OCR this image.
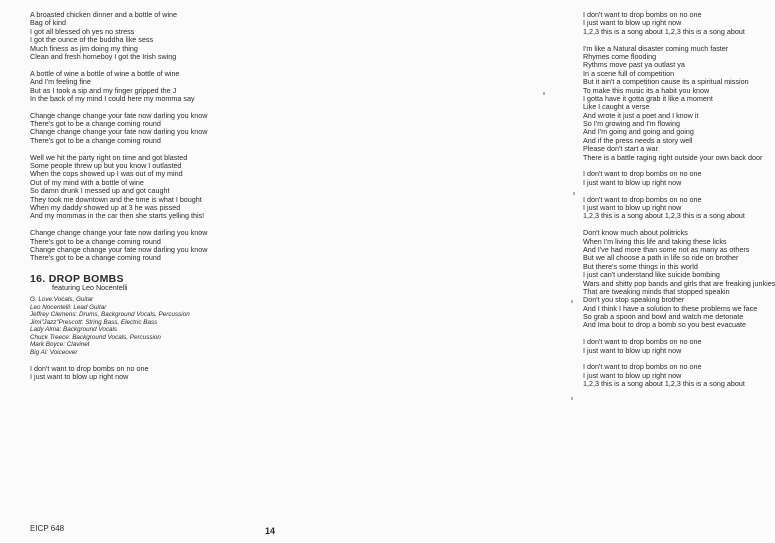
A broasted chicken dinner and a bottle of wine
Bag of kind
I got all blessed oh yes no stress
I got the ounce of the buddha like sess
Much finess as jim doing my thing
Clean and fresh homeboy I got the Irish swing
A bottle of wine a bottle of wine a bottle of wine
And I'm feeling fine
But as I took a sip and my finger gripped the J
In the back of my mind I could here my momma say
Change change change your fate now darling you know
There's got to be a change coming round
Change change change your fate now darling you know
There's got to be a change coming round
Well we hit the party right on time and got blasted
Some people threw up but you know I outlasted
When the cops showed up I was out of my mind
Out of my mind with a bottle of wine
So damn drunk I messed up and got caught
They took me downtown and the time is what I bought
When my daddy showed up at 3 he was pissed
And my mommas in the car then she starts yelling this!
Change change change your fate now darling you know
There's got to be a change coming round
Change change change your fate now darling you know
There's got to be a change coming round
16. DROP BOMBS
featuring Leo Nocentelli
G. Love:Vocals, Guitar
Leo Nocentelli: Lead Guitar
Jeffrey Clemens: Drums, Background Vocals, Percussion
Jimi"Jazz"Prescott: String Bass, Electric Bass
Lady Alma: Background Vocals
Chuck Treece: Background Vocals, Percussion
Mark Boyce: Clavinet
Big Al: Voiceover
I don't want to drop bombs on no one
I just want to blow up right now
EICP 648
I don't want to drop bombs on no one
I just want to blow up right now
1,2,3 this is a song about 1,2,3 this is a song about
I'm like a Natural disaster coming much faster
Rhymes come flooding
Rythms move past ya outlast ya
In a scene full of competition
But it ain't a competition cause its a spiritual mission
To make this music its a habit you know
I gotta have it gotta grab it like a moment
Like I caught a verse
And wrote it just a poet and I know it
So I'm growing and I'm flowing
And I'm going and going and going
And if the press needs a story well
Please don't start a war
There is a battle raging right outside your own back door
I don't want to drop bombs on no one
I just want to blow up right now
I don't want to drop bombs on no one
I just want to blow up right now
1,2,3 this is a song about 1,2,3 this is a song about
Don't know much about politricks
When I'm living this life and taking these licks
And I've had more than some not as many as others
But we all choose a path in life so ride on brother
But there's some things in this world
I just can't understand like suicide bombing
Wars and shitty pop bands and girls that are freaking junkies
That are tweaking minds that stopped speakin
Don't you stop speaking brother
And I think I have a solution to these problems we face
So grab a spoon and bowl and watch me detonate
And Ima bout to drop a bomb so you best evacuate
I don't want to drop bombs on no one
I just want to blow up right now
I don't want to drop bombs on no one
I just want to blow up right now
1,2,3 this is a song about 1,2,3 this is a song about
14
